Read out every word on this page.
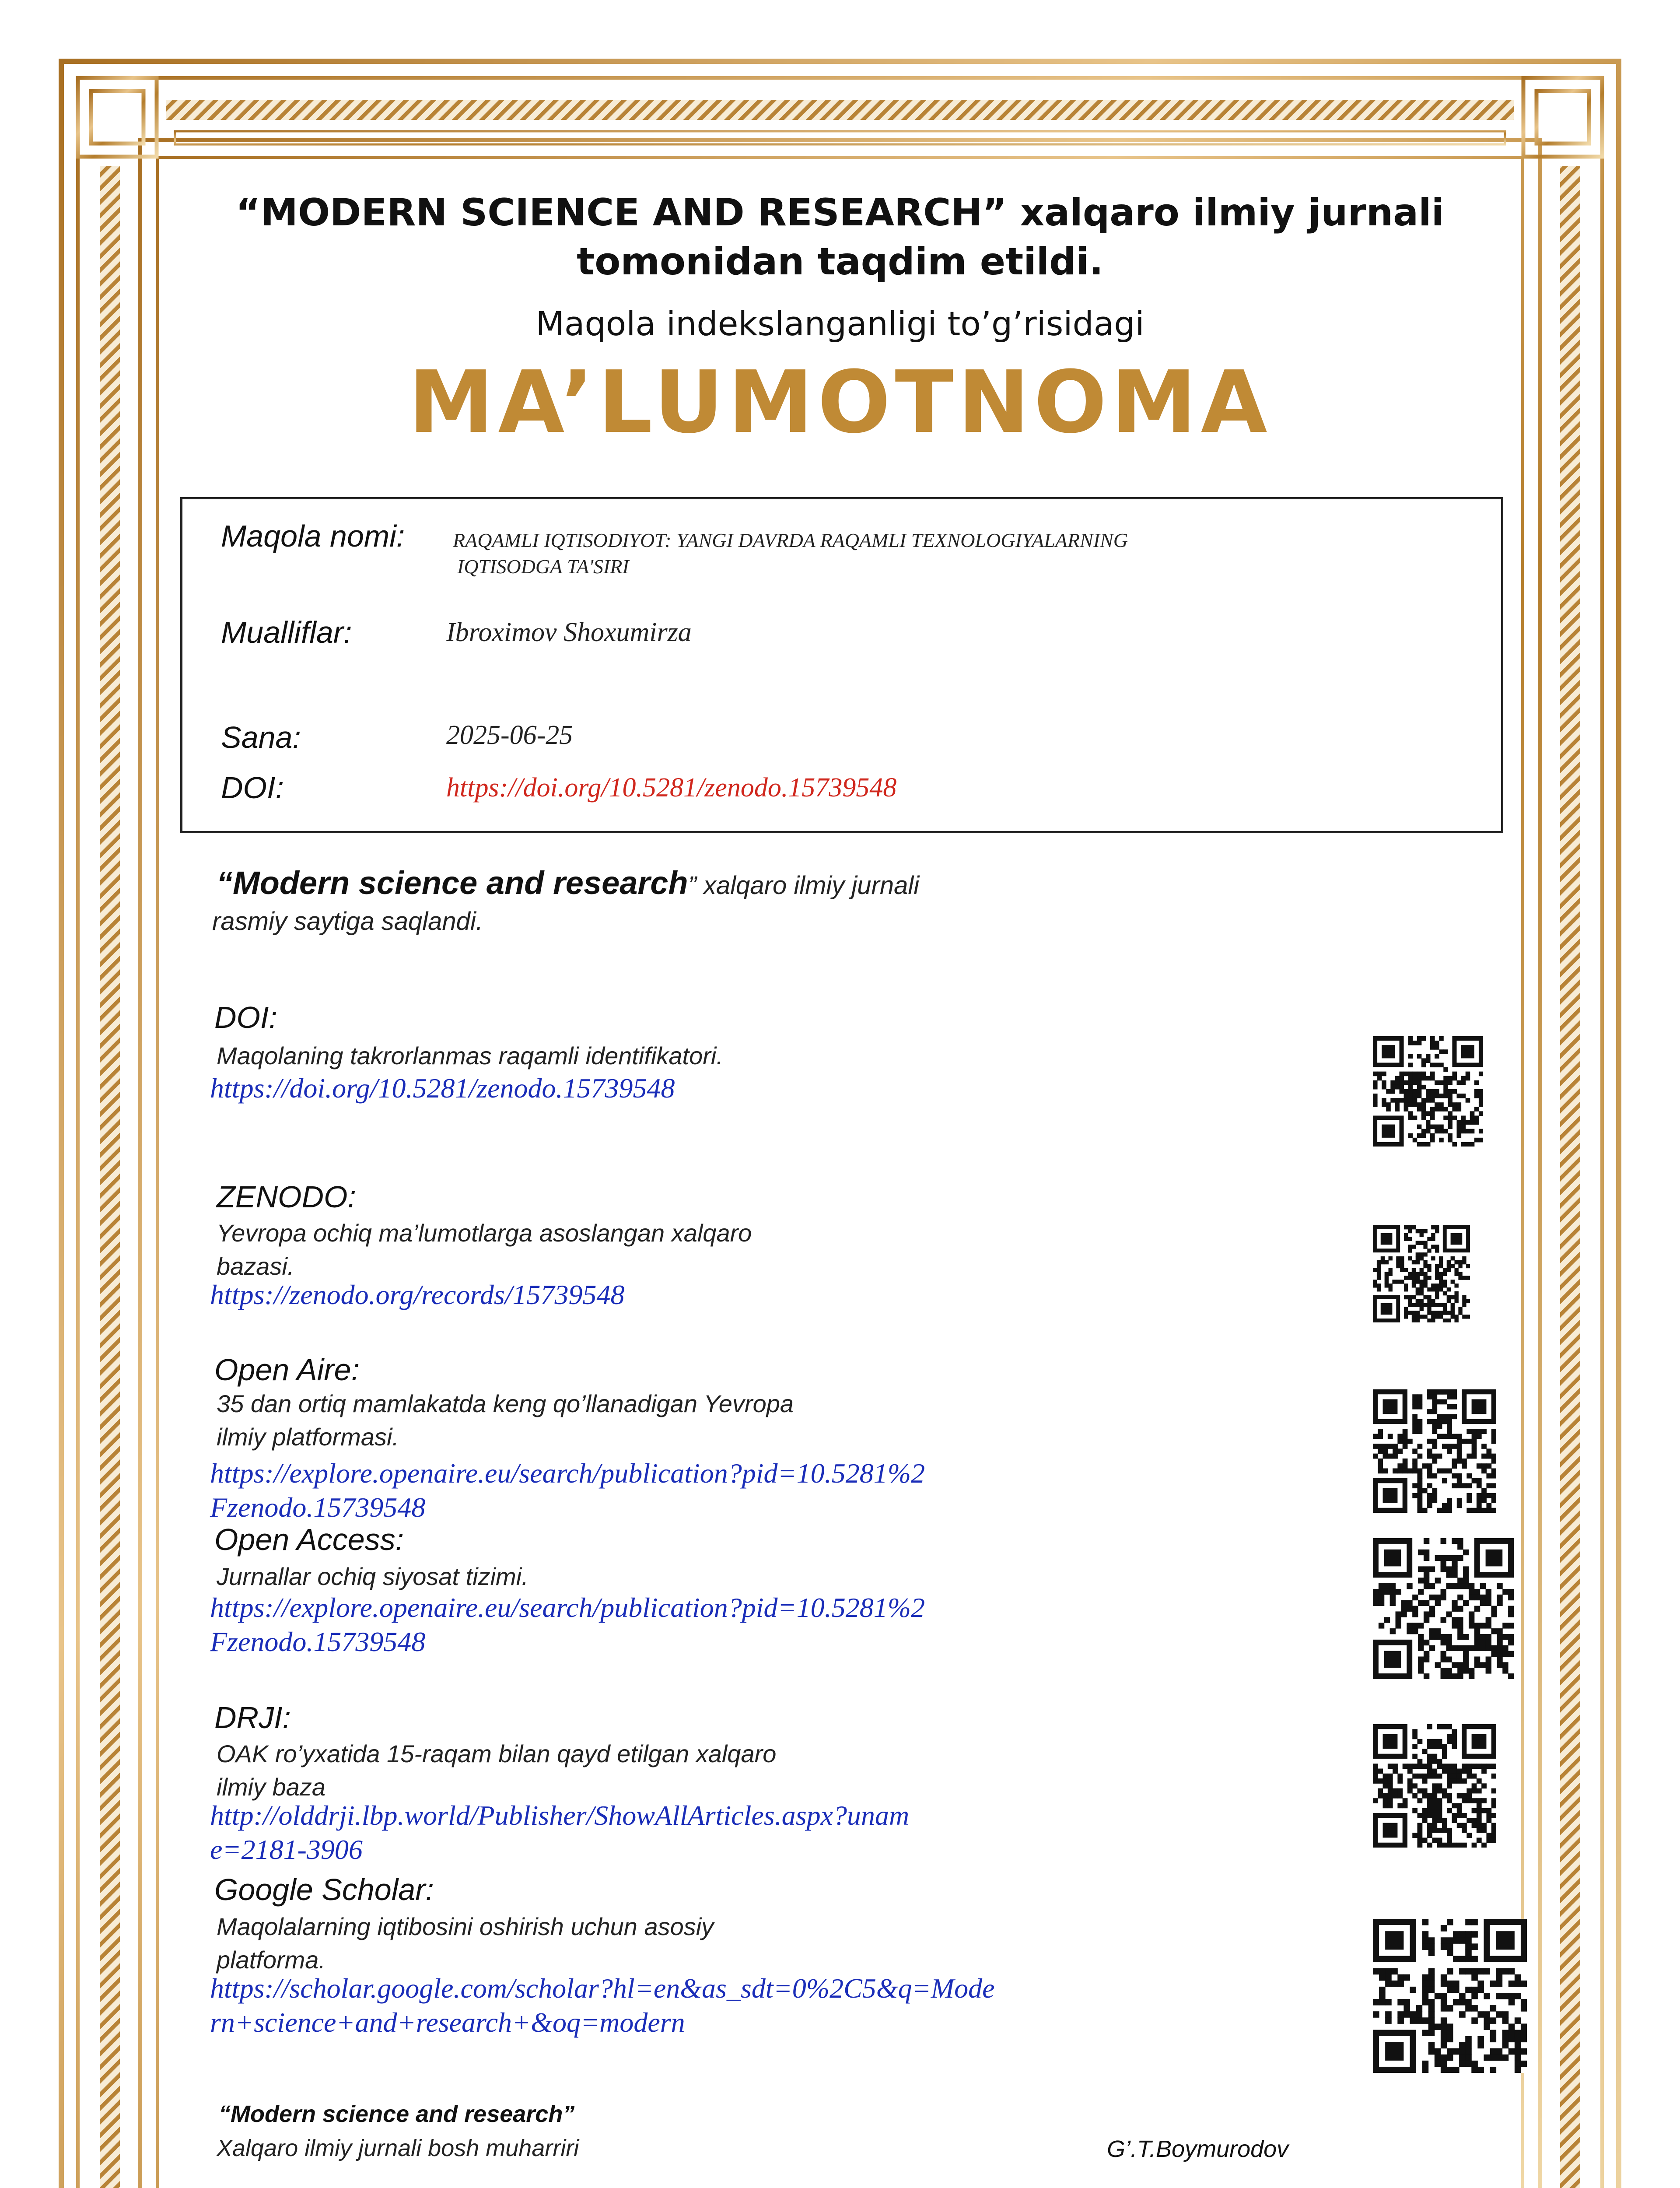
“MODERN SCIENCE AND RESEARCH” xalqaro ilmiy jurnali
tomonidan taqdim etildi.
Maqola indekslanganligi to’g’risidagi
MA’LUMOTNOMA
Maqola nomi: RAQAMLI IQTISODIYOT: YANGI DAVRDA RAQAMLI TEXNOLOGIYALARNING
IQTISODGA TA'SIRI
Mualliflar:	Ibroximov Shoxumirza
Sana:	2025-06-25
DOI:	https://doi.org/10.5281/zenodo.15739548
“Modern science and research” xalqaro ilmiy jurnali
rasmiy saytiga saqlandi.
DOI:
Maqolaning takrorlanmas raqamli identifikatori.
https://doi.org/10.5281/zenodo.15739548
ZENODO:
Yevropa ochiq ma’lumotlarga asoslangan xalqaro
bazasi.
https://zenodo.org/records/15739548
Open Aire:
35 dan ortiq mamlakatda keng qo’llanadigan Yevropa
ilmiy platformasi.
https://explore.openaire.eu/search/publication?pid=10.5281%2
Fzenodo.15739548
Open Access:
Jurnallar ochiq siyosat tizimi.
https://explore.openaire.eu/search/publication?pid=10.5281%2
Fzenodo.15739548
DRJI:
OAK ro’yxatida 15-raqam bilan qayd etilgan xalqaro
ilmiy baza
http://olddrji.lbp.world/Publisher/ShowAllArticles.aspx?unam
e=2181-3906
Google Scholar:
Maqolalarning iqtibosini oshirish uchun asosiy
platforma.
https://scholar.google.com/scholar?hl=en&as_sdt=0%2C5&q=Mode
rn+science+and+research+&oq=modern
“Modern science and research”
Xalqaro ilmiy jurnali bosh muharriri	G’.T.Boymurodov
